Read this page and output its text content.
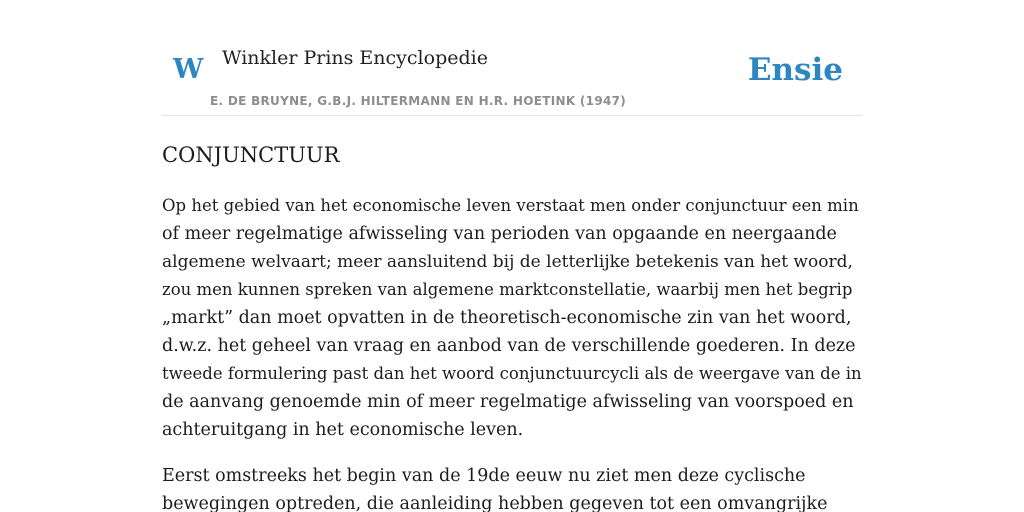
W Winkler Prins Encyclopedie
E. DE BRUYNE, G.B.J. HILTERMANN EN H.R. HOETINK (1947)
Ensie
CONJUNCTUUR

Op het gebied van het economische leven verstaat men onder conjunctuur een min
of meer regelmatige afwisseling van perioden van opgaande en neergaande
algemene welvaart; meer aansluitend bij de letterlijke betekenis van het woord,
zou men kunnen spreken van algemene marktconstellatie, waarbij men het begrip
„markt” dan moet opvatten in de theoretisch-economische zin van het woord,
d.w.z. het geheel van vraag en aanbod van de verschillende goederen. In deze
tweede formulering past dan het woord conjunctuurcycli als de weergave van de in
de aanvang genoemde min of meer regelmatige afwisseling van voorspoed en
achteruitgang in het economische leven.

Eerst omstreeks het begin van de 19de eeuw nu ziet men deze cyclische
bewegingen optreden, die aanleiding hebben gegeven tot een omvangrijke
